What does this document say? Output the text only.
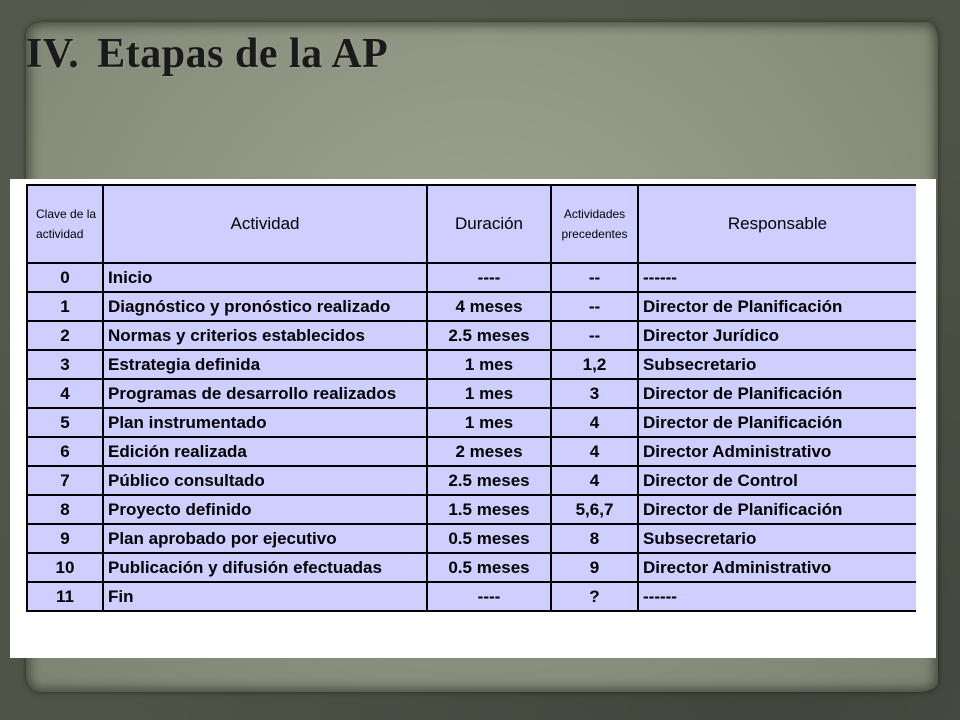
IV. Etapas de la AP
Clave de la actividad	Actividad	Duración	Actividades precedentes	Responsable
0	Inicio	----	--	------
1	Diagnóstico y pronóstico realizado	4 meses	--	Director de Planificación
2	Normas y criterios establecidos	2.5 meses	--	Director Jurídico
3	Estrategia definida	1 mes	1,2	Subsecretario
4	Programas de desarrollo realizados	1 mes	3	Director de Planificación
5	Plan instrumentado	1 mes	4	Director de Planificación
6	Edición realizada	2 meses	4	Director Administrativo
7	Público consultado	2.5 meses	4	Director de Control
8	Proyecto definido	1.5 meses	5,6,7	Director de Planificación
9	Plan aprobado por ejecutivo	0.5 meses	8	Subsecretario
10	Publicación y difusión efectuadas	0.5 meses	9	Director Administrativo
11	Fin	----	?	------
